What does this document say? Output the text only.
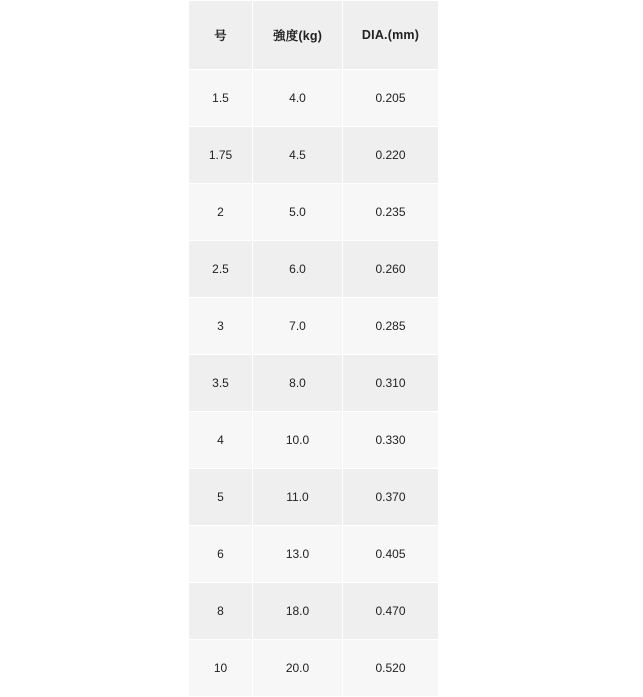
号	強度(kg)	DIA.(mm)
1.5	4.0	0.205
1.75	4.5	0.220
2	5.0	0.235
2.5	6.0	0.260
3	7.0	0.285
3.5	8.0	0.310
4	10.0	0.330
5	11.0	0.370
6	13.0	0.405
8	18.0	0.470
10	20.0	0.520
